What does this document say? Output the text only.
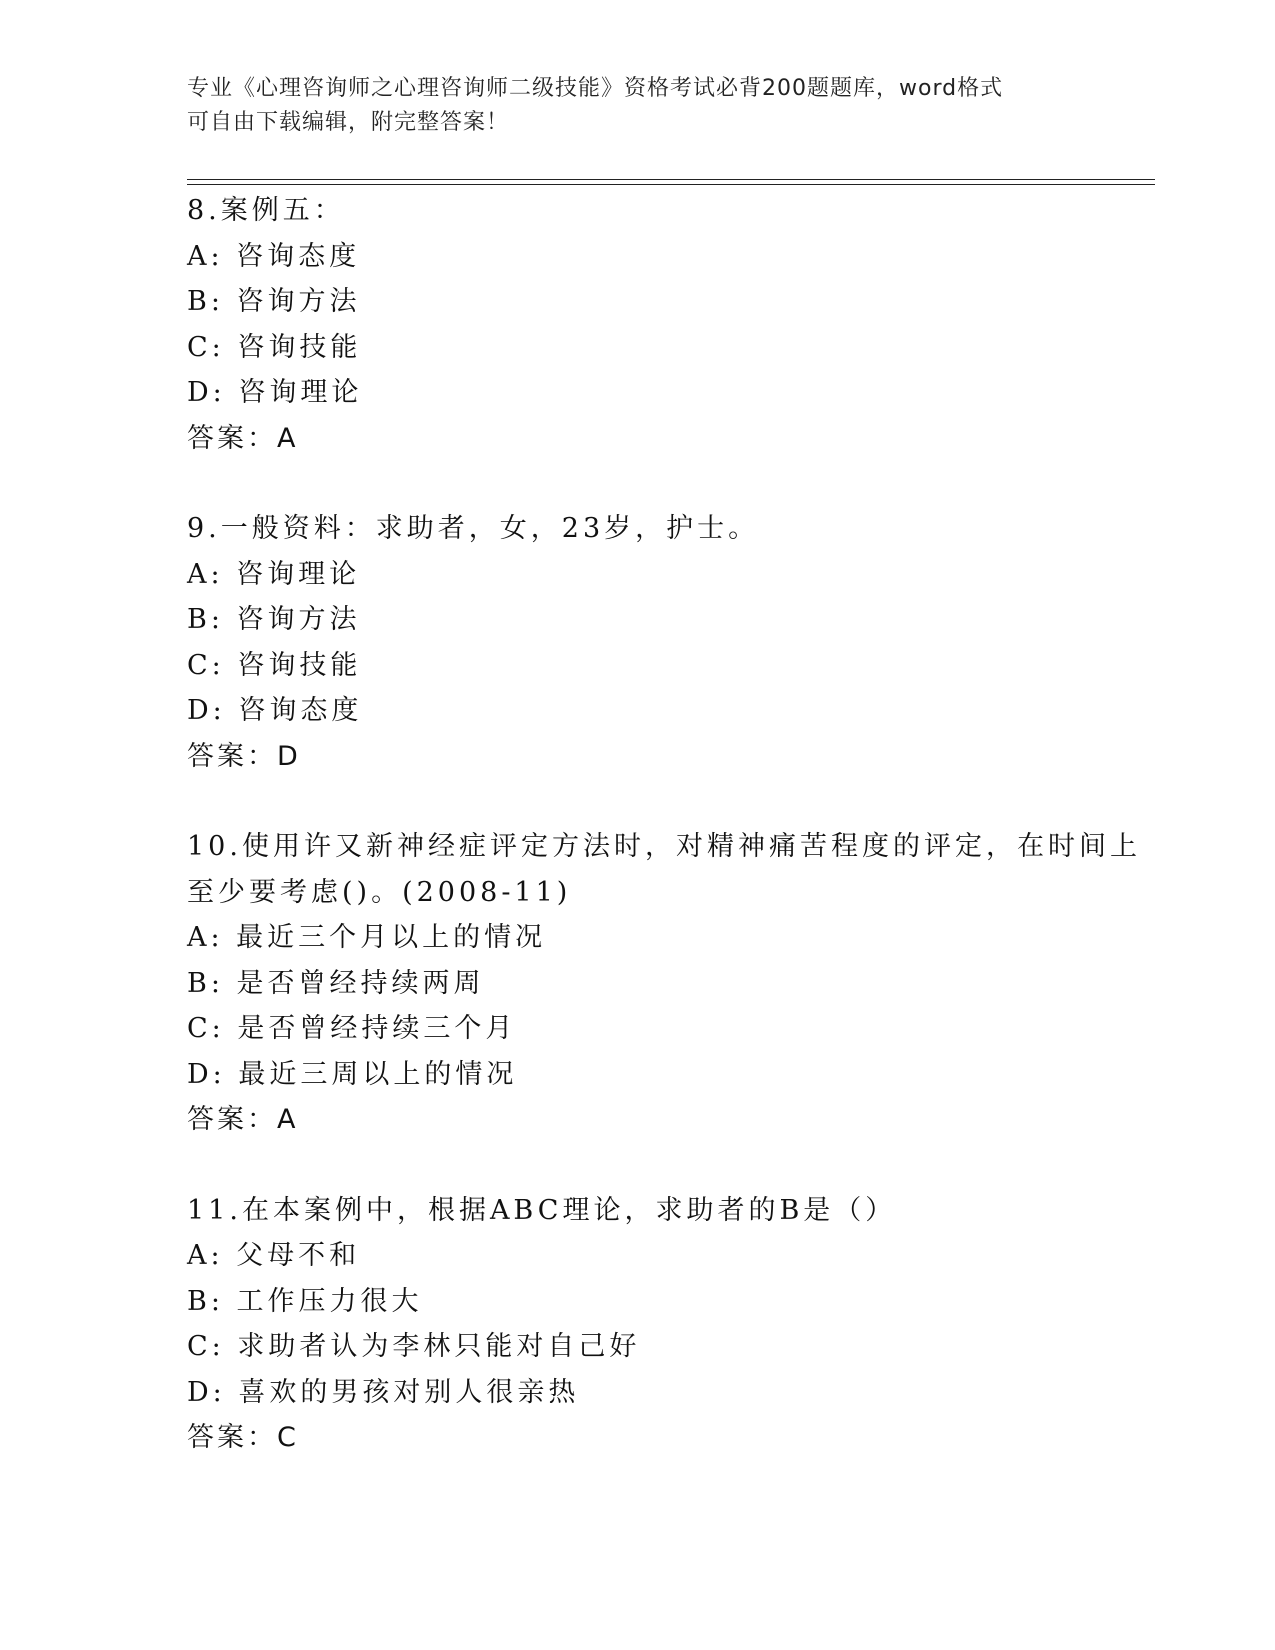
专业《心理咨询师之心理咨询师二级技能》资格考试必背200题题库，word格式
可自由下载编辑，附完整答案！
8.案例五：
A: 咨询态度
B: 咨询方法
C: 咨询技能
D: 咨询理论
答案：A
9.一般资料：求助者，女，23岁，护士。
A: 咨询理论
B: 咨询方法
C: 咨询技能
D: 咨询态度
答案：D
10.使用许又新神经症评定方法时，对精神痛苦程度的评定，在时间上
至少要考虑()。(2008-11)
A: 最近三个月以上的情况
B: 是否曾经持续两周
C: 是否曾经持续三个月
D: 最近三周以上的情况
答案：A
11.在本案例中，根据ABC理论，求助者的B是（）
A: 父母不和
B: 工作压力很大
C: 求助者认为李林只能对自己好
D: 喜欢的男孩对别人很亲热
答案：C
